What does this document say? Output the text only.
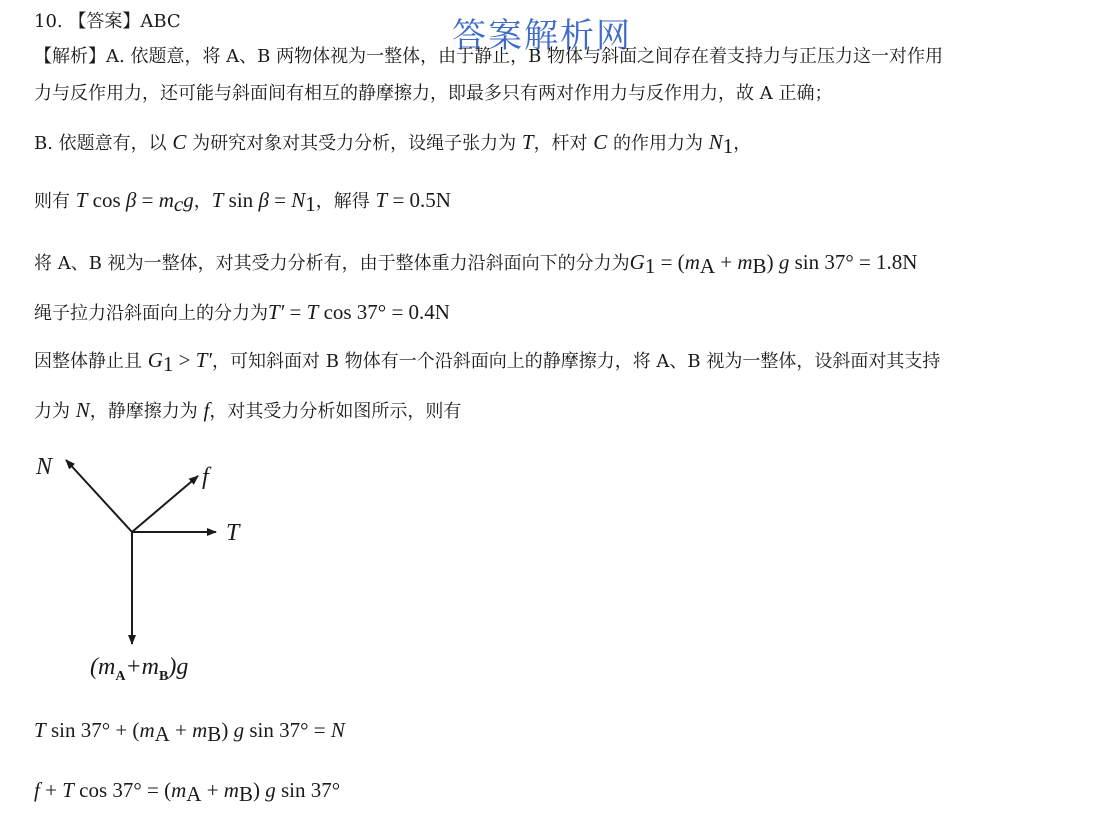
答案解析网
10. 【答案】ABC
【解析】A. 依题意，将 A、B 两物体视为一整体，由于静止，B 物体与斜面之间存在着支持力与正压力这一对作用
力与反作用力，还可能与斜面间有相互的静摩擦力，即最多只有两对作用力与反作用力，故 A 正确；
B. 依题意有，以 C 为研究对象对其受力分析，设绳子张力为 T，杆对 C 的作用力为 $N_1$，
则有 T $\cos \beta = m_cg$，T $\sin \beta = N_1$，解得 T = 0.5N
将 A、B 视为一整体，对其受力分析有，由于整体重力沿斜面向下的分力为$G_1 = (m_A + m_B)$ g sin 37° = 1.8N
绳子拉力沿斜面向上的分力为T′ = T cos 37° = 0.4N
因整体静止且 $G_1 > T'$，可知斜面对 B 物体有一个沿斜面向上的静摩擦力，将 A、B 视为一整体，设斜面对其支持
力为 N，静摩擦力为 f，对其受力分析如图所示，则有
N	f
T
$(m_A+m_B)g$
T $\sin 37^\circ + (m_A + m_B)$ g sin 37° = N
f + T $\cos 37^\circ = (m_A + m_B)$ g sin 37°
